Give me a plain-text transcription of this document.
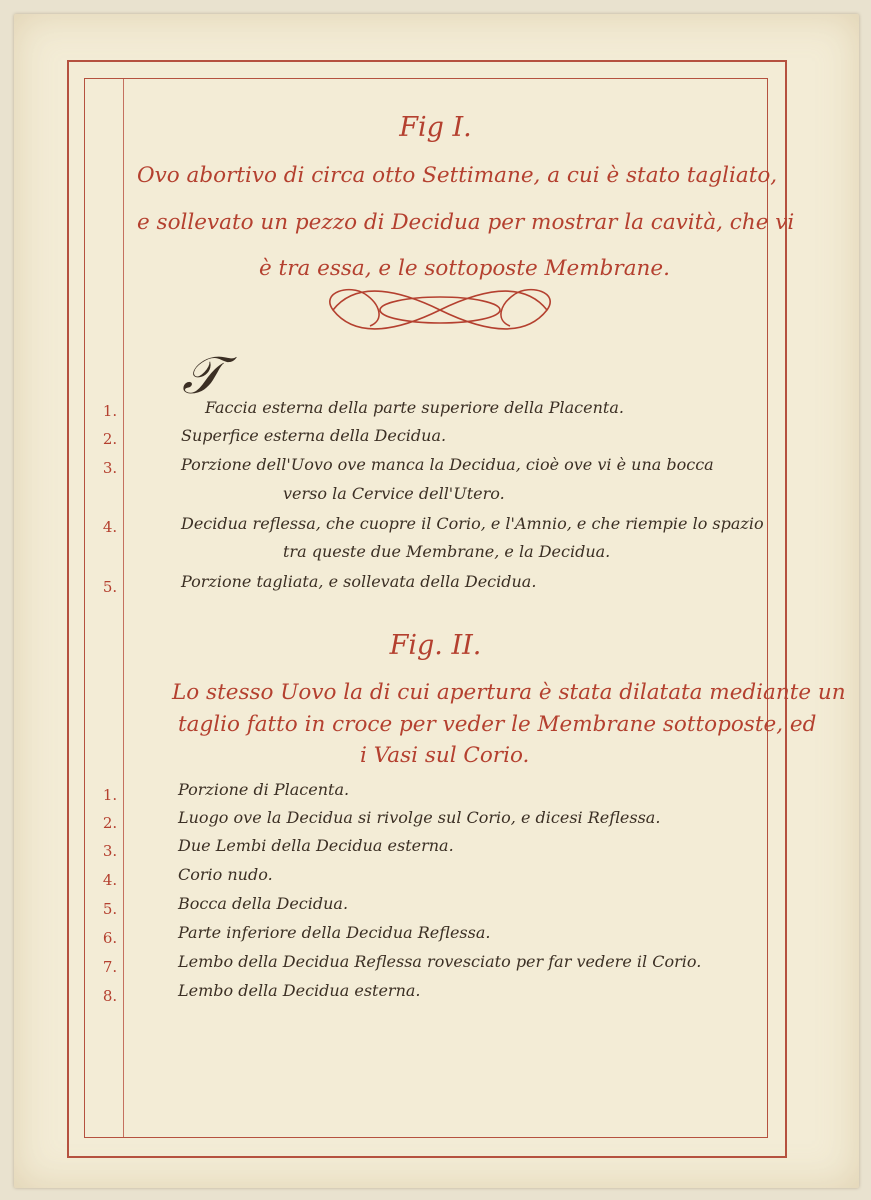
Fig I.
Ovo abortivo di circa otto Settimane, a cui è stato tagliato,
e sollevato un pezzo di Decidua per mostrar la cavità, che vi
è tra essa, e le sottoposte Membrane.
𝒯
1.	Faccia esterna della parte superiore della Placenta.
2.	Superfice esterna della Decidua.
3.	Porzione dell'Uovo ove manca la Decidua, cioè ove vi è una bocca
verso la Cervice dell'Utero.
4.	Decidua reflessa, che cuopre il Corio, e l'Amnio, e che riempie lo spazio
tra queste due Membrane, e la Decidua.
5.	Porzione tagliata, e sollevata della Decidua.
Fig. II.
Lo stesso Uovo la di cui apertura è stata dilatata mediante un
taglio fatto in croce per veder le Membrane sottoposte, ed
i Vasi sul Corio.
1.	Porzione di Placenta.
2.	Luogo ove la Decidua si rivolge sul Corio, e dicesi Reflessa.
3.	Due Lembi della Decidua esterna.
4.	Corio nudo.
5.	Bocca della Decidua.
6.	Parte inferiore della Decidua Reflessa.
7.	Lembo della Decidua Reflessa rovesciato per far vedere il Corio.
8.	Lembo della Decidua esterna.
